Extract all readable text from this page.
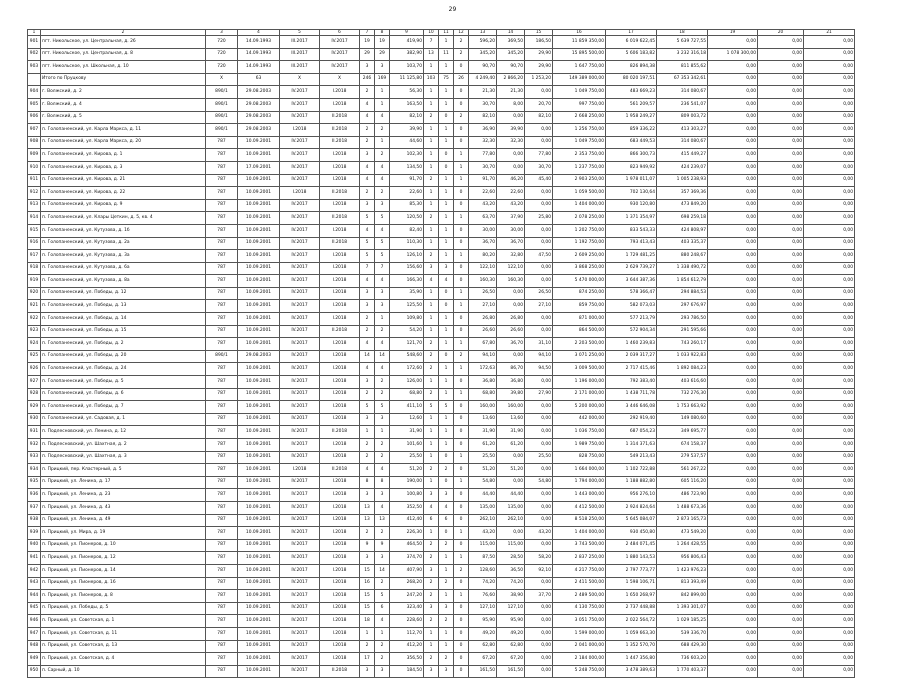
29
1	2	3	4	5	6	7	8	9	10	11	12	13	14	15	16	17	18	19	20	21
901	пгт. Никольское, ул. Центральная, д. 26	720	14.09.1993	III.2017	IV.2017	19	19	419,90	7	1	2	596,20	369,50	186,50	11 859 350,00	6 019 622,45	5 639 727,55	0,00	0,00	0,00
902	пгт. Никольское, ул. Центральная, д. 8	720	14.09.1993	III.2017	IV.2017	29	29	382,90	13	11	2	345,20	345,20	29,90	15 895 500,00	5 606 183,82	3 232 316,18	1 078 300,00	0,00	0,00
903	пгт. Никольское, ул. Школьная, д. 10	720	14.09.1993	III.2017	IV.2017	3	3	103,70	1	1	0	90,70	90,70	29,90	1 647 750,00	826 894,38	811 855,62	0,00	0,00	0,00
	Итого по Пруцкову	Х	63	Х	Х	246	169	11 125,80	103	75	26	4 249,40	2 866,20	1 253,20	149 389 000,00	80 020 197,51	67 353 342,61	0,00	0,00	0,00
904	г. Волжский, д. 2	890/1	29.08.2003	IV.2017	I.2018	2	1	56,30	1	1	0	21,30	21,30	0,00	1 049 750,00	483 669,23	314 080,67	0,00	0,00	0,00
905	г. Волжский, д. 4	890/1	29.08.2003	IV.2017	I.2018	4	1	163,50	1	1	0	30,70	8,00	20,70	997 750,00	561 209,57	236 541,07	0,00	0,00	0,00
906	г. Волжский, д. 5	890/1	29.08.2003	IV.2017	II.2018	4	4	82,10	2	0	2	82,10	0,00	82,10	2 668 250,00	1 958 249,27	809 003,72	0,00	0,00	0,00
907	п. Голопаненский, ул. Карла Маркса, д. 11	890/1	29.08.2003	I.2018	II.2018	2	2	39,90	1	1	0	36,90	39,90	0,00	1 256 750,00	859 336,22	413 303,27	0,00	0,00	0,00
908	п. Голопаненский, ул. Карла Маркса, д. 20	787	10.09.2001	IV.2017	II.2018	2	1	44,60	1	1	0	32,30	32,30	0,00	1 049 750,00	683 449,53	314 080,67	0,00	0,00	0,00
909	п. Голопаненский, ул. Кирова, д. 1	787	10.09.2001	IV.2017	I.2018	3	2	102,30	1	0	1	77,80	0,00	77,80	2 353 750,00	866 300,73	415 449,27	0,00	0,00	0,00
910	п. Голопаненский, ул. Кирова, д. 3	787	17.09.2001	IV.2017	I.2018	4	4	134,50	1	0	1	30,70	0,00	30,70	1 237 750,00	823 949,92	424 239,07	0,00	0,00	0,00
911	п. Голопаненский, ул. Кирова, д. 21	787	10.09.2001	IV.2017	I.2018	4	4	91,70	2	1	1	91,70	46,20	45,40	2 903 250,00	1 978 011,07	1 005 238,93	0,00	0,00	0,00
912	п. Голопаненский, ул. Кирова, д. 22	787	10.09.2001	I.2018	II.2018	2	2	22,60	1	1	0	22,60	22,60	0,00	1 059 500,00	702 130,64	357 369,36	0,00	0,00	0,00
913	п. Голопаненский, ул. Кирова, д. 9	787	10.09.2001	IV.2017	I.2018	3	3	85,30	1	1	0	43,20	43,20	0,00	1 404 000,00	930 120,80	473 849,20	0,00	0,00	0,00
914	п. Голопаненский, ул. Клары Цеткин, д. 5, кв. 4	787	10.09.2001	IV.2017	II.2018	5	5	120,50	2	1	1	63,70	37,90	25,80	2 078 250,00	1 371 354,97	698 259,18	0,00	0,00	0,00
915	п. Голопаненский, ул. Кутузова, д. 1б	787	10.09.2001	IV.2017	I.2018	4	4	82,40	1	1	0	30,00	30,00	0,00	1 202 750,00	833 543,33	424 808,97	0,00	0,00	0,00
916	п. Голопаненский, ул. Кутузова, д. 2а	787	10.09.2001	IV.2017	II.2018	5	5	110,30	1	1	0	36,70	36,70	0,00	1 192 750,00	793 413,43	403 335,37	0,00	0,00	0,00
917	п. Голопаненский, ул. Кутузова, д. 3а	787	10.09.2001	IV.2017	I.2018	5	5	126,10	2	1	1	80,20	32,80	47,50	2 609 250,00	1 729 481,25	880 248,67	0,00	0,00	0,00
918	п. Голопаненский, ул. Кутузова, д. 6а	787	10.09.2001	IV.2017	I.2018	7	7	156,60	3	3	0	122,10	122,10	0,00	3 868 250,00	2 629 739,27	1 338 490,72	0,00	0,00	0,00
919	п. Голопаненский, ул. Кутузова, д. 8а	787	10.09.2001	IV.2017	I.2018	4	4	166,30	4	4	0	160,30	160,30	0,00	5 470 000,00	3 644 387,36	1 854 612,79	0,00	0,00	0,00
920	п. Голопаненский, ул. Победы, д. 12	787	10.09.2001	IV.2017	I.2018	3	3	35,90	1	0	1	26,50	0,00	26,50	874 250,00	578 366,47	294 884,53	0,00	0,00	0,00
921	п. Голопаненский, ул. Победы, д. 13	787	10.09.2001	IV.2017	I.2018	3	3	125,50	1	0	1	27,10	0,00	27,10	859 750,00	582 073,03	297 676,97	0,00	0,00	0,00
922	п. Голопаненский, ул. Победы, д. 14	787	10.09.2001	IV.2017	I.2018	2	1	109,80	1	1	0	26,80	26,80	0,00	871 000,00	577 213,79	293 786,50	0,00	0,00	0,00
923	п. Голопаненский, ул. Победы, д. 15	787	10.09.2001	IV.2017	II.2018	2	2	54,20	1	1	0	26,60	26,60	0,00	864 500,00	572 904,34	291 595,66	0,00	0,00	0,00
924	п. Голопаненский, ул. Победы, д. 2	787	10.09.2001	IV.2017	I.2018	4	4	121,70	2	1	1	67,80	36,70	31,10	2 203 500,00	1 460 239,83	743 260,17	0,00	0,00	0,00
925	п. Голопаненский, ул. Победы, д. 20	890/1	29.08.2003	IV.2017	I.2018	14	14	548,60	2	0	2	94,10	0,00	94,10	3 071 250,00	2 039 317,27	1 033 922,83	0,00	0,00	0,00
926	п. Голопаненский, ул. Победы, д. 24	787	10.09.2001	IV.2017	I.2018	4	4	172,60	2	1	1	172,63	86,70	94,50	3 009 500,00	2 717 415,46	1 892 084,23	0,00	0,00	0,00
927	п. Голопаненский, ул. Победы, д. 5	787	10.09.2001	IV.2017	I.2018	3	2	126,00	1	1	0	36,80	36,80	0,00	1 196 000,00	792 383,40	403 616,60	0,00	0,00	0,00
928	п. Голопаненский, ул. Победы, д. 6	787	10.09.2001	IV.2017	I.2018	2	2	68,80	2	1	1	68,80	39,80	27,90	2 171 000,00	1 438 711,78	732 276,30	0,00	0,00	0,00
929	п. Голопаненский, ул. Победы, д. 7	787	10.09.2001	IV.2017	I.2018	5	5	411,10	5	5	0	160,00	160,00	0,00	5 200 000,00	3 446 646,08	1 753 663,92	0,00	0,00	0,00
930	п. Голопаненский, ул. Садовая, д. 1	787	10.09.2001	IV.2017	I.2018	3	3	12,60	1	1	0	13,60	13,60	0,00	442 000,00	292 919,40	149 080,60	0,00	0,00	0,00
931	п. Подлесновский, ул. Ленина, д. 12	787	10.09.2001	IV.2017	II.2018	1	1	31,90	1	1	0	31,90	31,90	0,00	1 036 750,00	687 054,23	349 695,77	0,00	0,00	0,00
932	п. Подлесновский, ул. Шахтная, д. 2	787	10.09.2001	IV.2017	I.2018	2	2	101,60	1	1	0	61,20	61,20	0,00	1 989 750,00	1 314 371,63	674 158,37	0,00	0,00	0,00
933	п. Подлесновский, ул. Шахтная, д. 3	787	10.09.2001	IV.2017	I.2018	2	2	25,50	1	0	1	25,50	0,00	25,50	828 750,00	549 213,43	279 537,57	0,00	0,00	0,00
934	п. Прицкий, пер. Кластерный, д. 5	787	10.09.2001	I.2018	II.2018	4	4	51,20	2	2	0	51,20	51,20	0,00	1 664 000,00	1 102 722,88	561 267,22	0,00	0,00	0,00
935	п. Прицкий, ул. Ленина, д. 17	787	10.09.2001	IV.2017	I.2018	8	8	190,00	1	0	1	54,80	0,00	54,80	1 794 000,00	1 188 882,80	605 116,20	0,00	0,00	0,00
936	п. Прицкий, ул. Ленина, д. 23	787	10.09.2001	IV.2017	I.2018	3	3	100,80	3	3	0	44,40	44,40	0,00	1 443 000,00	956 276,10	486 723,90	0,00	0,00	0,00
937	п. Прицкий, ул. Ленина, д. 43	787	10.09.2001	IV.2017	I.2018	13	4	352,50	4	4	0	135,00	135,00	0,00	4 412 500,00	2 924 824,64	1 488 673,36	0,00	0,00	0,00
938	п. Прицкий, ул. Ленина, д. 49	787	10.09.2001	IV.2017	I.2018	13	13	412,40	6	6	0	262,10	262,10	0,00	8 518 250,00	5 645 084,07	2 873 165,73	0,00	0,00	0,00
939	п. Прицкий, ул. Мира, д. 19	787	10.09.2001	IV.2017	I.2018	2	2	226,30	1	0	1	43,20	0,00	43,20	1 404 000,00	930 450,80	473 549,20	0,00	0,00	0,00
940	п. Прицкий, ул. Пионеров, д. 10	787	10.09.2001	IV.2017	I.2018	9	9	464,50	2	2	0	115,00	115,00	0,00	3 743 500,00	2 484 071,45	1 264 428,55	0,00	0,00	0,00
941	п. Прицкий, ул. Пионеров, д. 12	787	10.09.2001	IV.2017	I.2018	3	3	374,70	2	1	1	87,50	28,50	58,20	2 837 250,00	1 880 143,53	956 806,43	0,00	0,00	0,00
942	п. Прицкий, ул. Пионеров, д. 14	787	10.09.2001	IV.2017	I.2018	15	14	407,90	3	1	2	128,60	36,50	92,10	4 217 750,00	2 797 773,77	1 423 976,23	0,00	0,00	0,00
943	п. Прицкий, ул. Пионеров, д. 16	787	10.09.2001	IV.2017	I.2018	16	2	268,20	2	2	0	74,20	74,20	0,00	2 411 500,00	1 598 106,71	813 393,49	0,00	0,00	0,00
944	п. Прицкий, ул. Пионеров, д. 8	787	10.09.2001	IV.2017	I.2018	15	5	247,20	2	1	1	76,60	38,90	37,70	2 489 500,00	1 650 268,97	842 899,00	0,00	0,00	0,00
945	п. Прицкий, ул. Победы, д. 5	787	10.09.2001	IV.2017	I.2018	15	6	323,40	3	3	0	127,10	127,10	0,00	4 130 750,00	2 737 448,88	1 393 301,07	0,00	0,00	0,00
946	п. Прицкий, ул. Советская, д. 1	787	10.09.2001	IV.2017	I.2018	18	4	228,60	2	2	0	95,90	95,90	0,00	3 051 750,00	2 022 564,72	1 029 185,25	0,00	0,00	0,00
947	п. Прицкий, ул. Советская, д. 11	787	10.09.2001	IV.2017	I.2018	1	1	112,70	1	1	0	49,20	49,20	0,00	1 599 000,00	1 059 663,30	539 336,70	0,00	0,00	0,00
948	п. Прицкий, ул. Советская, д. 13	787	10.09.2001	IV.2017	I.2018	2	2	412,20	1	1	0	62,80	62,80	0,00	2 041 000,00	1 352 570,70	688 429,30	0,00	0,00	0,00
949	п. Прицкий, ул. Советская, д. 4	787	10.09.2001	IV.2017	I.2018	17	2	356,50	2	2	0	67,20	67,20	0,00	2 184 000,00	1 447 356,80	736 603,20	0,00	0,00	0,00
950	п. Сарный, д. 10	787	10.09.2001	IV.2017	II.2018	3	3	184,50	3	3	0	161,50	161,50	0,00	5 248 750,00	3 478 389,63	1 770 403,37	0,00	0,00	0,00
